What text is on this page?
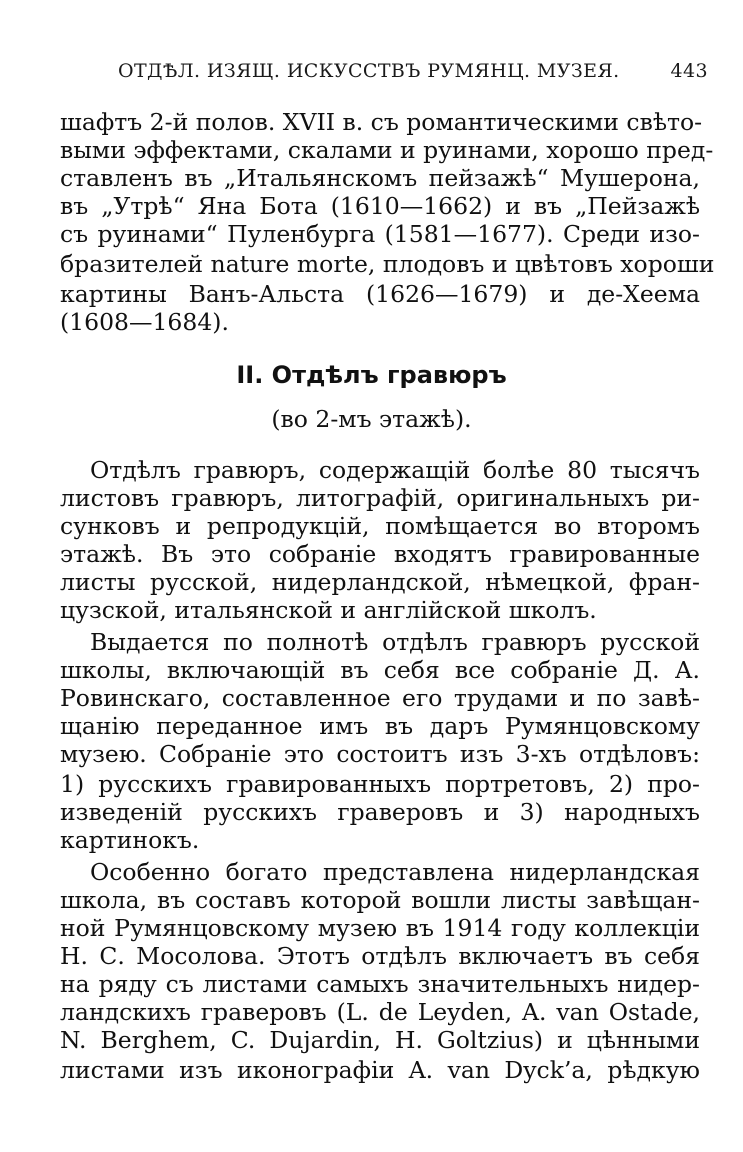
ОТДѢЛ. ИЗЯЩ. ИСКУССТВЪ РУМЯНЦ. МУЗЕЯ.	443
шафтъ 2-й полов. XVII в. съ романтическими свѣто-
выми эффектами, скалами и руинами, хорошо пред-
ставленъ въ „Итальянскомъ пейзажѣ“ Мушерона,
въ „Утрѣ“ Яна Бота (1610—1662) и въ „Пейзажѣ
съ руинами“ Пуленбурга (1581—1677). Среди изо-
бразителей nature morte, плодовъ и цвѣтовъ хороши
картины Ванъ-Альста (1626—1679) и де-Хеема
(1608—1684).
II. Отдѣлъ гравюръ
(во 2-мъ этажѣ).
Отдѣлъ гравюръ, содержащій болѣе 80 тысячъ
листовъ гравюръ, литографій, оригинальныхъ ри-
сунковъ и репродукцій, помѣщается во второмъ
этажѣ. Въ это собраніе входятъ гравированные
листы русской, нидерландской, нѣмецкой, фран-
цузской, итальянской и англійской школъ.
Выдается по полнотѣ отдѣлъ гравюръ русской
школы, включающій въ себя все собраніе Д. А.
Ровинскаго, составленное его трудами и по завѣ-
щанію переданное имъ въ даръ Румянцовскому
музею. Собраніе это состоитъ изъ 3-хъ отдѣловъ:
1) русскихъ гравированныхъ портретовъ, 2) про-
изведеній русскихъ граверовъ и 3) народныхъ
картинокъ.
Особенно богато представлена нидерландская
школа, въ составъ которой вошли листы завѣщан-
ной Румянцовскому музею въ 1914 году коллекціи
Н. С. Мосолова. Этотъ отдѣлъ включаетъ въ себя
на ряду съ листами самыхъ значительныхъ нидер-
ландскихъ граверовъ (L. de Leyden, A. van Ostade,
N. Berghem, C. Dujardin, H. Goltzius) и цѣнными
листами изъ иконографіи A. van Dyck’a, рѣдкую
